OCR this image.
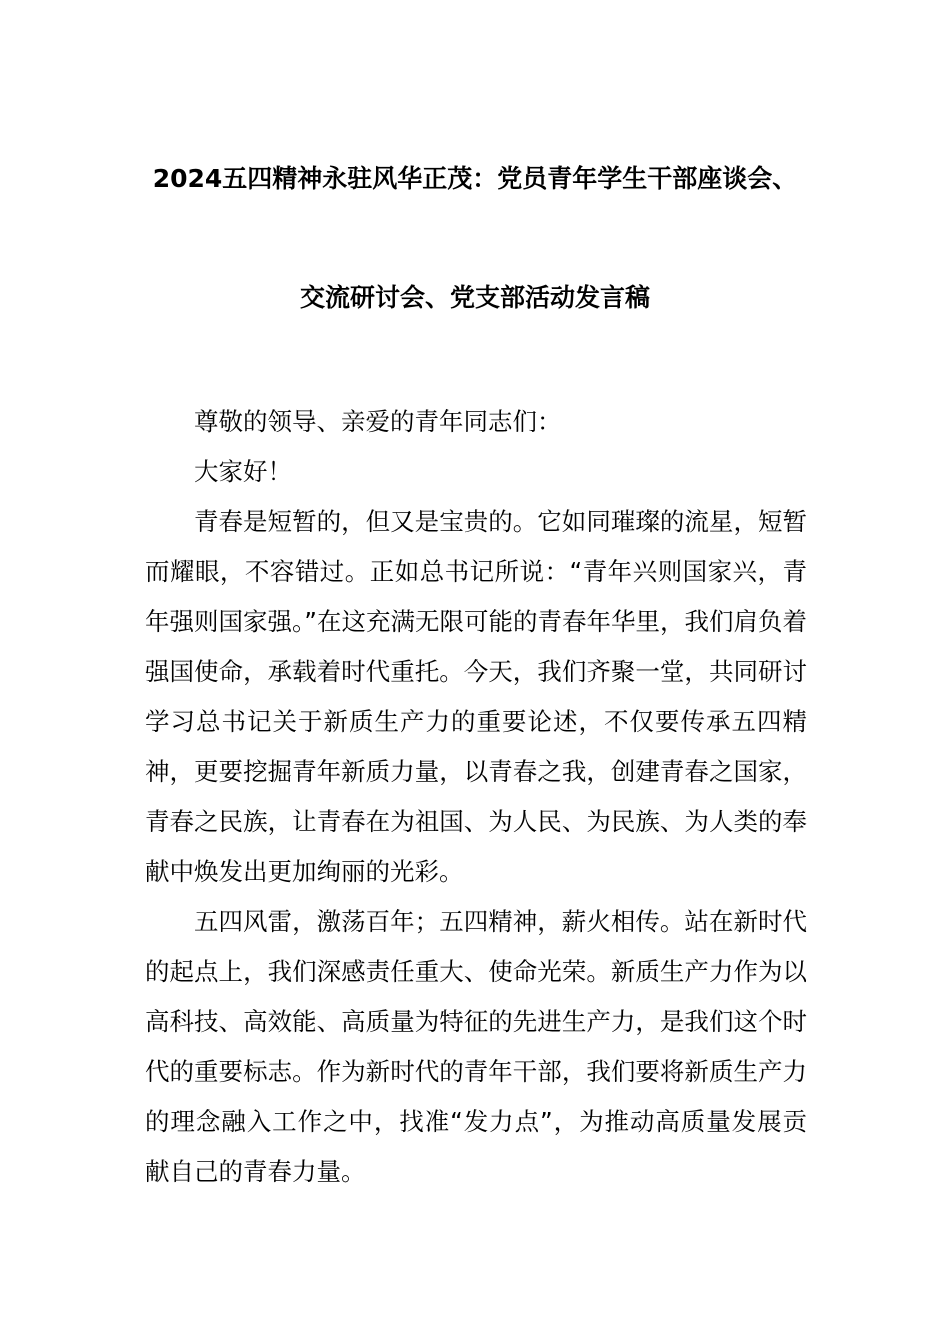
2024五四精神永驻风华正茂：党员青年学生干部座谈会、
交流研讨会、党支部活动发言稿

尊敬的领导、亲爱的青年同志们：

大家好！

青春是短暂的，但又是宝贵的。它如同璀璨的流星，短暂而耀眼，不容错过。正如总书记所说：“青年兴则国家兴，青年强则国家强。”在这充满无限可能的青春年华里，我们肩负着强国使命，承载着时代重托。今天，我们齐聚一堂，共同研讨学习总书记关于新质生产力的重要论述，不仅要传承五四精神，更要挖掘青年新质力量，以青春之我，创建青春之国家，青春之民族，让青春在为祖国、为人民、为民族、为人类的奉献中焕发出更加绚丽的光彩。

五四风雷，激荡百年；五四精神，薪火相传。站在新时代的起点上，我们深感责任重大、使命光荣。新质生产力作为以高科技、高效能、高质量为特征的先进生产力，是我们这个时代的重要标志。作为新时代的青年干部，我们要将新质生产力的理念融入工作之中，找准“发力点”，为推动高质量发展贡献自己的青春力量。
